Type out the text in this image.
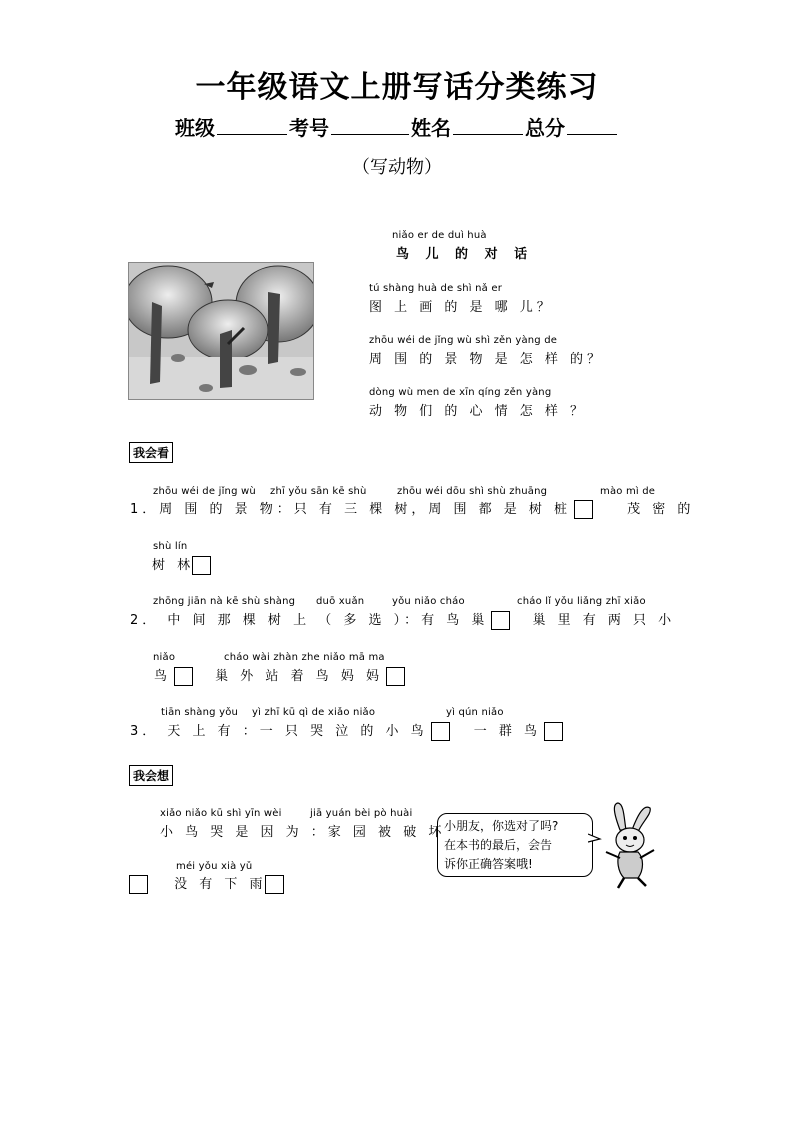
一年级语文上册写话分类练习
班级	考号	姓名	总分
（写动物）
niǎo er de duì huà
鸟 儿 的 对 话
tú shàng huà de shì nǎ er
图 上 画 的 是 哪 儿？
zhōu wéi de jǐng wù shì zěn yàng de
周 围 的 景 物 是 怎 样 的？
dòng wù men de xīn qíng zěn yàng
动 物 们 的 心 情 怎 样 ？
我会看
zhōu wéi de jǐng wù zhī yǒu sān kē shù	zhōu wéi dōu shì shù zhuāng	mào mì de
1．周 围 的 景 物：只 有 三 棵 树，周 围 都 是 树 桩	茂 密 的
shù lín
树 林
zhōng jiān nà kē shù shàng duō xuǎn	yǒu niǎo cháo	cháo lǐ yǒu liǎng zhī xiǎo
2． 中 间 那 棵 树 上 （ 多 选 ）：有 鸟 巢	巢 里 有 两 只 小
niǎo	cháo wài zhàn zhe niǎo mā ma
鸟	巢 外 站 着 鸟 妈 妈
tiān shàng yǒu yì zhī kū qì de xiǎo niǎo	yì qún niǎo
3． 天 上 有 ：一 只 哭 泣 的 小 鸟	一 群 鸟
我会想
xiǎo niǎo kū shì yīn wèi	jiā yuán bèi pò huài
小 鸟 哭 是 因 为 ：家 园 被 破 坏
méi yǒu xià yǔ
没 有 下 雨
小朋友，你选对了吗?
在本书的最后，会告
诉你正确答案哦!
